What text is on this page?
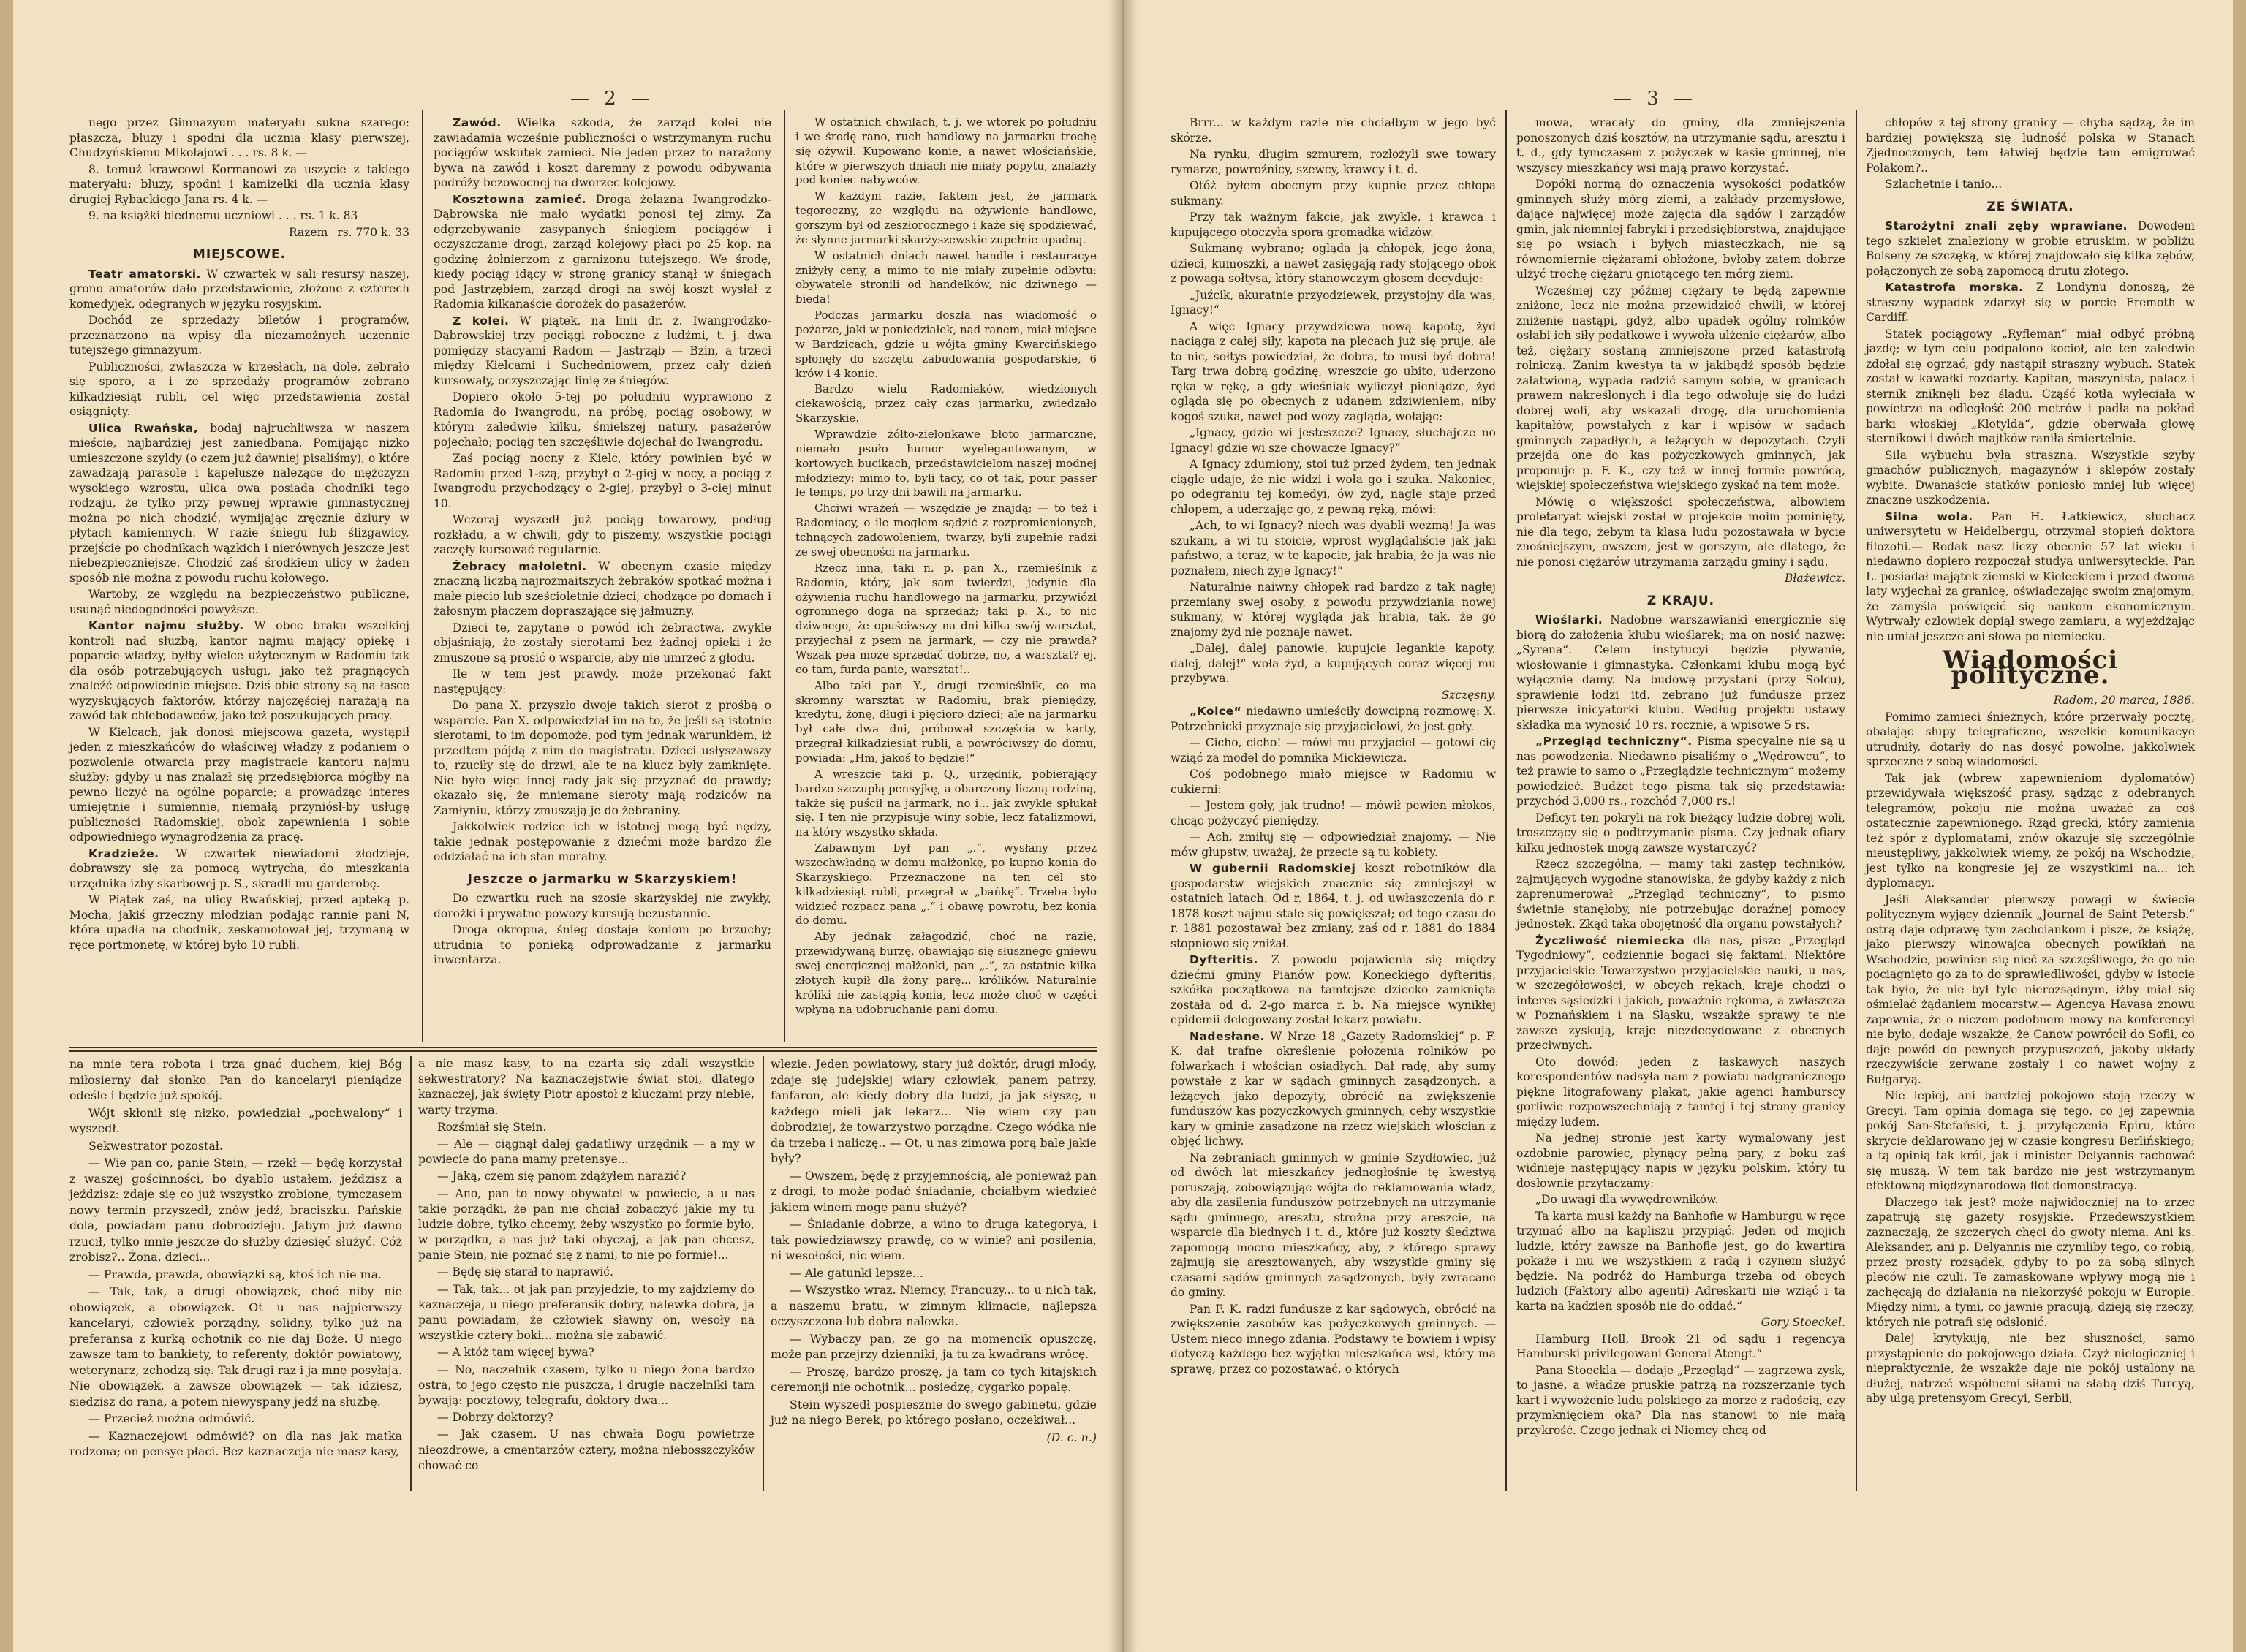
— 2 —

nego przez Gimnazyum materyału sukna szarego: płaszcza, bluzy i spodni dla ucznia klasy pierwszej, Chudzyńskiemu Mikołajowi . . . rs. 8 k. —

8. temuż krawcowi Kormanowi za uszycie z takiego materyału: bluzy, spodni i kamizelki dla ucznia klasy drugiej Rybackiego Jana rs. 4 k. —

9. na książki biednemu uczniowi . . . rs. 1 k. 83

Razem rs. 770 k. 33

MIEJSCOWE.

Teatr amatorski. W czwartek w sali resursy naszej, grono amatorów dało przedstawienie, złożone z czterech komedyjek, odegranych w języku rosyjskim.

Dochód ze sprzedaży biletów i programów, przeznaczono na wpisy dla niezamożnych uczennic tutejszego gimnazyum.

Publiczności, zwłaszcza w krzesłach, na dole, zebrało się sporo, a i ze sprzedaży programów zebrano kilkadziesiąt rubli, cel więc przedstawienia został osiągnięty.

Ulica Rwańska, bodaj najruchliwsza w naszem mieście, najbardziej jest zaniedbana. Pomijając nizko umieszczone szyldy (o czem już dawniej pisaliśmy), o które zawadzają parasole i kapelusze należące do mężczyzn wysokiego wzrostu, ulica owa posiada chodniki tego rodzaju, że tylko przy pewnej wprawie gimnastycznej można po nich chodzić, wymijając zręcznie dziury w płytach kamiennych. W razie śniegu lub ślizgawicy, przejście po chodnikach wązkich i nierównych jeszcze jest niebezpieczniejsze. Chodzić zaś środkiem ulicy w żaden sposób nie można z powodu ruchu kołowego.

Wartoby, ze względu na bezpieczeństwo publiczne, usunąć niedogodności powyższe.

Kantor najmu służby. W obec braku wszelkiej kontroli nad służbą, kantor najmu mający opiekę i poparcie władzy, byłby wielce użytecznym w Radomiu tak dla osób potrzebujących usługi, jako też pragnących znaleźć odpowiednie miejsce. Dziś obie strony są na łasce wyzyskujących faktorów, którzy najczęściej narażają na zawód tak chlebodawców, jako też poszukujących pracy.

W Kielcach, jak donosi miejscowa gazeta, wystąpił jeden z mieszkańców do właściwej władzy z podaniem o pozwolenie otwarcia przy magistracie kantoru najmu służby; gdyby u nas znalazł się przedsiębiorca mógłby na pewno liczyć na ogólne poparcie; a prowadząc interes umiejętnie i sumiennie, niemałą przyniósł-by usługę publiczności Radomskiej, obok zapewnienia i sobie odpowiedniego wynagrodzenia za pracę.

Kradzieże. W czwartek niewiadomi złodzieje, dobrawszy się za pomocą wytrycha, do mieszkania urzędnika izby skarbowej p. S., skradli mu garderobę.

W Piątek zaś, na ulicy Rwańskiej, przed apteką p. Mocha, jakiś grzeczny młodzian podając rannie pani N, która upadła na chodnik, zeskamotował jej, trzymaną w ręce portmonetę, w której było 10 rubli.

Zawód. Wielka szkoda, że zarząd kolei nie zawiadamia wcześnie publiczności o wstrzymanym ruchu pociągów wskutek zamieci. Nie jeden przez to narażony bywa na zawód i koszt daremny z powodu odbywania podróży bezowocnej na dworzec kolejowy.

Kosztowna zamieć. Droga żelazna Iwangrodzko-Dąbrowska nie mało wydatki ponosi tej zimy. Za odgrzebywanie zasypanych śniegiem pociągów i oczyszczanie drogi, zarząd kolejowy płaci po 25 kop. na godzinę żołnierzom z garnizonu tutejszego. We środę, kiedy pociąg idący w stronę granicy stanął w śniegach pod Jastrzębiem, zarząd drogi na swój koszt wysłał z Radomia kilkanaście dorożek do pasażerów.

Z kolei. W piątek, na linii dr. ż. Iwangrodzko-Dąbrowskiej trzy pociągi roboczne z ludźmi, t. j. dwa pomiędzy stacyami Radom — Jastrząb — Bzin, a trzeci między Kielcami i Suchedniowem, przez cały dzień kursowały, oczyszczając linię ze śniegów.

Dopiero około 5-tej po południu wyprawiono z Radomia do Iwangrodu, na próbę, pociąg osobowy, w którym zaledwie kilku, śmielszej natury, pasażerów pojechało; pociąg ten szczęśliwie dojechał do Iwangrodu.

Zaś pociąg nocny z Kielc, który powinien być w Radomiu przed 1-szą, przybył o 2-giej w nocy, a pociąg z Iwangrodu przychodzący o 2-giej, przybył o 3-ciej minut 10.

Wczoraj wyszedł już pociąg towarowy, podług rozkładu, a w chwili, gdy to piszemy, wszystkie pociągi zaczęły kursować regularnie.

Żebracy małoletni. W obecnym czasie między znaczną liczbą najrozmaitszych żebraków spotkać można i małe pięcio lub sześcioletnie dzieci, chodzące po domach i żałosnym płaczem dopraszające się jałmużny.

Dzieci te, zapytane o powód ich żebractwa, zwykle objaśniają, że zostały sierotami bez żadnej opieki i że zmuszone są prosić o wsparcie, aby nie umrzeć z głodu.

Ile w tem jest prawdy, może przekonać fakt następujący:

Do pana X. przyszło dwoje takich sierot z prośbą o wsparcie. Pan X. odpowiedział im na to, że jeśli są istotnie sierotami, to im dopomoże, pod tym jednak warunkiem, iż przedtem pójdą z nim do magistratu. Dzieci usłyszawszy to, rzuciły się do drzwi, ale te na klucz były zamknięte. Nie było więc innej rady jak się przyznać do prawdy; okazało się, że mniemane sieroty mają rodziców na Zamłyniu, którzy zmuszają je do żebraniny.

Jakkolwiek rodzice ich w istotnej mogą być nędzy, takie jednak postępowanie z dziećmi może bardzo źle oddziałać na ich stan moralny.

Jeszcze o jarmarku w Skarzyskiem!

Do czwartku ruch na szosie skarżyskiej nie zwykły, dorożki i prywatne powozy kursują bezustannie.

Droga okropna, śnieg dostaje koniom po brzuchy; utrudnia to ponieką odprowadzanie z jarmarku inwentarza.

W ostatnich chwilach, t. j. we wtorek po południu i we środę rano, ruch handlowy na jarmarku trochę się ożywił. Kupowano konie, a nawet włościańskie, które w pierwszych dniach nie miały popytu, znalazły pod koniec nabywców.

W każdym razie, faktem jest, że jarmark tegoroczny, ze względu na ożywienie handlowe, gorszym był od zeszłorocznego i każe się spodziewać, że słynne jarmarki skarżyszewskie zupełnie upadną.

W ostatnich dniach nawet handle i restauracye zniżyły ceny, a mimo to nie miały zupełnie odbytu: obywatele stronili od handelków, nic dziwnego — bieda!

Podczas jarmarku doszła nas wiadomość o pożarze, jaki w poniedziałek, nad ranem, miał miejsce w Bardzicach, gdzie u wójta gminy Kwarcińskiego spłonęły do szczętu zabudowania gospodarskie, 6 krów i 4 konie.

Bardzo wielu Radomiaków, wiedzionych ciekawością, przez cały czas jarmarku, zwiedzało Skarzyskie.

Wprawdzie żółto-zielonkawe błoto jarmarczne, niemało psuło humor wyelegantowanym, w kortowych bucikach, przedstawicielom naszej modnej młodzieży: mimo to, byli tacy, co ot tak, pour passer le temps, po trzy dni bawili na jarmarku.

Chciwi wrażeń — wszędzie je znajdą; — to też i Radomiacy, o ile mogłem sądzić z rozpromienionych, tchnących zadowoleniem, twarzy, byli zupełnie radzi ze swej obecności na jarmarku.

Rzecz inna, taki n. p. pan X., rzemieślnik z Radomia, który, jak sam twierdzi, jedynie dla ożywienia ruchu handlowego na jarmarku, przywiózł ogromnego doga na sprzedaż; taki p. X., to nic dziwnego, że opuściwszy na dni kilka swój warsztat, przyjechał z psem na jarmark, — czy nie prawda? Wszak pea może sprzedać dobrze, no, a warsztat? ej, co tam, furda panie, warsztat!..

Albo taki pan Y., drugi rzemieślnik, co ma skromny warsztat w Radomiu, brak pieniędzy, kredytu, żonę, długi i pięcioro dzieci; ale na jarmarku był całe dwa dni, próbował szczęścia w karty, przegrał kilkadziesiąt rubli, a powróciwszy do domu, powiada: „Hm, jakoś to będzie!“

A wreszcie taki p. Q., urzędnik, pobierający bardzo szczupłą pensyjkę, a obarczony liczną rodziną, także się puścił na jarmark, no i... jak zwykle spłukał się. I ten nie przypisuje winy sobie, lecz fatalizmowi, na który wszystko składa.

Zabawnym był pan „.“, wysłany przez wszechwładną w domu małżonkę, po kupno konia do Skarzyskiego. Przeznaczone na ten cel sto kilkadziesiąt rubli, przegrał w „bańkę“. Trzeba było widzieć rozpacz pana „.“ i obawę powrotu, bez konia do domu.

Aby jednak załagodzić, choć na razie, przewidywaną burzę, obawiając się słusznego gniewu swej energicznej małżonki, pan „.“, za ostatnie kilka złotych kupił dla żony parę... królików. Naturalnie króliki nie zastąpią konia, lecz może choć w części wpłyną na udobruchanie pani domu.

na mnie tera robota i trza gnać duchem, kiej Bóg miłosierny dał słonko. Pan do kancelaryi pieniądze odeśle i będzie już spokój.

Wójt skłonił się nizko, powiedział „pochwalony“ i wyszedł.

Sekwestrator pozostał.

— Wie pan co, panie Stein, — rzekł — będę korzystał z waszej gościnności, bo dyablo ustałem, jeździsz a jeździsz: zdaje się co już wszystko zrobione, tymczasem nowy termin przyszedł, znów jedź, braciszku. Pańskie dola, powiadam panu dobrodzieju. Jabym już dawno rzucił, tylko mnie jeszcze do służby dziesięć służyć. Cóż zrobisz?.. Żona, dzieci...

— Prawda, prawda, obowiązki są, ktoś ich nie ma.

— Tak, tak, a drugi obowiązek, choć niby nie obowiązek, a obowiązek. Ot u nas najpierwszy kancelaryi, człowiek porządny, solidny, tylko już na preferansa z kurką ochotnik co nie daj Boże. U niego zawsze tam to bankiety, to referenty, doktór powiatowy, weterynarz, zchodzą się. Tak drugi raz i ja mnę posyłają. Nie obowiązek, a zawsze obowiązek — tak idziesz, siedzisz do rana, a potem niewyspany jedź na służbę.

— Przecież można odmówić.

— Kaznaczejowi odmówić? on dla nas jak matka rodzona; on pensye płaci. Bez kaznaczeja nie masz kasy,

a nie masz kasy, to na czarta się zdali wszystkie sekwestratory? Na kaznaczejstwie świat stoi, dlatego kaznaczej, jak święty Piotr apostoł z kluczami przy niebie, warty trzyma.

Rozśmiał się Stein.

— Ale — ciągnął dalej gadatliwy urzędnik — a my w powiecie do pana mamy pretensye...

— Jaką, czem się panom zdążyłem narazić?

— Ano, pan to nowy obywatel w powiecie, a u nas takie porządki, że pan nie chciał zobaczyć jakie my tu ludzie dobre, tylko chcemy, żeby wszystko po formie było, w porządku, a nas już taki obyczaj, a jak pan chcesz, panie Stein, nie poznać się z nami, to nie po formie!...

— Będę się starał to naprawić.

— Tak, tak... ot jak pan przyjedzie, to my zajdziemy do kaznaczeja, u niego preferansik dobry, nalewka dobra, ja panu powiadam, że człowiek sławny on, wesoły na wszystkie cztery boki... można się zabawić.

— A któż tam więcej bywa?

— No, naczelnik czasem, tylko u niego żona bardzo ostra, to jego często nie puszcza, i drugie naczelniki tam bywają: pocztowy, telegrafu, doktory dwa...

— Dobrzy doktorzy?

— Jak czasem. U nas chwała Bogu powietrze nieozdrowe, a cmentarzów cztery, można niebosszczyków chować co

wlezie. Jeden powiatowy, stary już doktór, drugi młody, zdaje się judejskiej wiary człowiek, panem patrzy, fanfaron, ale kiedy dobry dla ludzi, ja jak słyszę, u każdego mieli jak lekarz... Nie wiem czy pan dobrodziej, że towarzystwo porządne. Czego wódka nie da trzeba i naliczę.. — Ot, u nas zimowa porą bale jakie były?

— Owszem, będę z przyjemnością, ale ponieważ pan z drogi, to może podać śniadanie, chciałbym wiedzieć jakiem winem mogę panu służyć?

— Śniadanie dobrze, a wino to druga kategorya, i tak powiedziawszy prawdę, co w winie? ani posilenia, ni wesołości, nic wiem.

— Ale gatunki lepsze...

— Wszystko wraz. Niemcy, Francuzy... to u nich tak, a naszemu bratu, w zimnym klimacie, najlepsza oczyszczona lub dobra nalewka.

— Wybaczy pan, że go na momencik opuszczę, może pan przejrzy dzienniki, ja tu za kwadrans wrócę.

— Proszę, bardzo proszę, ja tam co tych kitajskich ceremonji nie ochotnik... posiedzę, cygarko popalę.

Stein wyszedł pospiesznie do swego gabinetu, gdzie już na niego Berek, po którego posłano, oczekiwał...

(D. c. n.)

— 3 —

Brrr... w każdym razie nie chciałbym w jego być skórze.

Na rynku, długim szmurem, rozłożyli swe towary rymarze, powroźnicy, szewcy, krawcy i t. d.

Otóż byłem obecnym przy kupnie przez chłopa sukmany.

Przy tak ważnym fakcie, jak zwykle, i krawca i kupującego otoczyła spora gromadka widzów.

Sukmanę wybrano; ogląda ją chłopek, jego żona, dzieci, kumoszki, a nawet zasięgają rady stojącego obok z powagą sołtysa, który stanowczym głosem decyduje:

„Juźcik, akuratnie przyodziewek, przystojny dla was, Ignacy!“

A więc Ignacy przywdziewa nową kapotę, żyd naciąga z całej siły, kapota na plecach już się pruje, ale to nic, sołtys powiedział, że dobra, to musi być dobra! Targ trwa dobrą godzinę, wreszcie go ubito, uderzono ręka w rękę, a gdy wieśniak wyliczył pieniądze, żyd ogląda się po obecnych z udanem zdziwieniem, niby kogoś szuka, nawet pod wozy zagląda, wołając:

„Ignacy, gdzie wi jesteszcze? Ignacy, słuchajcze no Ignacy! gdzie wi sze chowacze Ignacy?“

A Ignacy zdumiony, stoi tuż przed żydem, ten jednak ciągle udaje, że nie widzi i woła go i szuka. Nakoniec, po odegraniu tej komedyi, ów żyd, nagle staje przed chłopem, a uderzając go, z pewną ręką, mówi:

„Ach, to wi Ignacy? niech was dyabli wezmą! Ja was szukam, a wi tu stoicie, wprost wyglądaliście jak jaki państwo, a teraz, w te kapocie, jak hrabia, że ja was nie poznałem, niech żyje Ignacy!“

Naturalnie naiwny chłopek rad bardzo z tak nagłej przemiany swej osoby, z powodu przywdziania nowej sukmany, w której wygląda jak hrabia, tak, że go znajomy żyd nie poznaje nawet.

„Dalej, dalej panowie, kupujcie legankie kapoty, dalej, dalej!“ woła żyd, a kupujących coraz więcej mu przybywa.

Szczęsny.

„Kolce“ niedawno umieściły dowcipną rozmowę: X. Potrzebnicki przyznaje się przyjacielowi, że jest goły.

— Cicho, cicho! — mówi mu przyjaciel — gotowi cię wziąć za model do pomnika Mickiewicza.

Coś podobnego miało miejsce w Radomiu w cukierni:

— Jestem goły, jak trudno! — mówił pewien młokos, chcąc pożyczyć pieniędzy.

— Ach, zmiłuj się — odpowiedział znajomy. — Nie mów głupstw, uważaj, że przecie są tu kobiety.

W gubernii Radomskiej koszt robotników dla gospodarstw wiejskich znacznie się zmniejszył w ostatnich latach. Od r. 1864, t. j. od uwłaszczenia do r. 1878 koszt najmu stale się powiększał; od tego czasu do r. 1881 pozostawał bez zmiany, zaś od r. 1881 do 1884 stopniowo się zniżał.

Dyfteritis. Z powodu pojawienia się między dziećmi gminy Pianów pow. Koneckiego dyfteritis, szkółka początkowa na tamtejsze dziecko zamknięta została od d. 2-go marca r. b. Na miejsce wynikłej epidemii delegowany został lekarz powiatu.

Nadesłane. W Nrze 18 „Gazety Radomskiej“ p. F. K. dał trafne określenie położenia rolników po folwarkach i włościan osiadłych. Dał radę, aby sumy powstałe z kar w sądach gminnych zasądzonych, a leżących jako depozyty, obrócić na zwiększenie funduszów kas pożyczkowych gminnych, ceby wszystkie kary w gminie zasądzone na rzecz wiejskich włościan z objęć lichwy.

Na zebraniach gminnych w gminie Szydłowiec, już od dwóch lat mieszkańcy jednogłośnie tę kwestyą poruszają, zobowiązując wójta do reklamowania władz, aby dla zasilenia funduszów potrzebnych na utrzymanie sądu gminnego, aresztu, strożna przy areszcie, na wsparcie dla biednych i t. d., które już koszty śledztwa zapomogą mocno mieszkańcy, aby, z którego sprawy zajmują się aresztowanych, aby wszystkie gminy się czasami sądów gminnych zasądzonych, były zwracane do gminy.

Pan F. K. radzi fundusze z kar sądowych, obrócić na zwiększenie zasobów kas pożyczkowych gminnych. — Ustem nieco innego zdania. Podstawy te bowiem i wpisy dotyczą każdego bez wyjątku mieszkańca wsi, który ma sprawę, przez co pozostawać, o których

mowa, wracały do gminy, dla zmniejszenia ponoszonych dziś kosztów, na utrzymanie sądu, aresztu i t. d., gdy tymczasem z pożyczek w kasie gminnej, nie wszyscy mieszkańcy wsi mają prawo korzystać.

Dopóki normą do oznaczenia wysokości podatków gminnych służy mórg ziemi, a zakłady przemysłowe, dające najwięcej może zajęcia dla sądów i zarządów gmin, jak niemniej fabryki i przedsiębiorstwa, znajdujące się po wsiach i byłych miasteczkach, nie są równomiernie ciężarami obłożone, byłoby zatem dobrze ulżyć trochę ciężaru gniotącego ten mórg ziemi.

Wcześniej czy później ciężary te będą zapewnie zniżone, lecz nie można przewidzieć chwili, w której zniżenie nastąpi, gdyż, albo upadek ogólny rolników osłabi ich siły podatkowe i wywoła ulżenie ciężarów, albo też, ciężary sostaną zmniejszone przed katastrofą rolniczą. Zanim kwestya ta w jakibądź sposób będzie załatwioną, wypada radzić samym sobie, w granicach prawem nakreślonych i dla tego odwołuję się do ludzi dobrej woli, aby wskazali drogę, dla uruchomienia kapitałów, powstałych z kar i wpisów w sądach gminnych zapadłych, a leżących w depozytach. Czyli przejdą one do kas pożyczkowych gminnych, jak proponuje p. F. K., czy też w innej formie powrócą, wiejskiej społeczeństwa wiejskiego zyskać na tem może.

Mówię o większości społeczeństwa, albowiem proletaryat wiejski został w projekcie moim pominięty, nie dla tego, żebym ta klasa ludu pozostawała w bycie znośniejszym, owszem, jest w gorszym, ale dlatego, że nie ponosi ciężarów utrzymania zarządu gminy i sądu.

Błażewicz.

Z KRAJU.

Wioślarki. Nadobne warszawianki energicznie się biorą do założenia klubu wioślarek; ma on nosić nazwę: „Syrena“. Celem instytucyi będzie pływanie, wiosłowanie i gimnastyka. Członkami klubu mogą być wyłącznie damy. Na budowę przystani (przy Solcu), sprawienie łodzi itd. zebrano już fundusze przez pierwsze inicyatorki klubu. Według projektu ustawy składka ma wynosić 10 rs. rocznie, a wpisowe 5 rs.

„Przegląd techniczny“. Pisma specyalne nie są u nas powodzenia. Niedawno pisaliśmy o „Wędrowcu“, to też prawie to samo o „Przeglądzie technicznym“ możemy powiedzieć. Budżet tego pisma tak się przedstawia: przychód 3,000 rs., rozchód 7,000 rs.!

Deficyt ten pokryli na rok bieżący ludzie dobrej woli, troszczący się o podtrzymanie pisma. Czy jednak ofiary kilku jednostek mogą zawsze wystarczyć?

Rzecz szczególna, — mamy taki zastęp techników, zajmujących wygodne stanowiska, że gdyby każdy z nich zaprenumerował „Przegląd techniczny“, to pismo świetnie stanęłoby, nie potrzebując doraźnej pomocy jednostek. Zkąd taka obojętność dla organu powstałych?

Życzliwość niemiecka dla nas, pisze „Przegląd Tygodniowy“, codziennie bogaci się faktami. Niektóre przyjacielskie Towarzystwo przyjacielskie nauki, u nas, w szczegółowości, w obcych rękach, kraje chodzi o interes sąsiedzki i jakich, poważnie rękoma, a zwłaszcza w Poznańskiem i na Śląsku, wszakże sprawy te nie zawsze zyskują, kraje niezdecydowane z obecnych przeciwnych.

Oto dowód: jeden z łaskawych naszych korespondentów nadsyła nam z powiatu nadgranicznego piękne litografowany plakat, jakie agenci hamburscy gorliwie rozpowszechniają z tamtej i tej strony granicy między ludem.

Na jednej stronie jest karty wymalowany jest ozdobnie parowiec, płynący pełną pary, z boku zaś widnieje następujący napis w języku polskim, który tu dosłownie przytaczamy:

„Do uwagi dla wywędrowników.

Ta karta musi każdy na Banhofie w Hamburgu w ręce trzymać albo na kapliszu przypiąć. Jeden od mojich ludzie, który zawsze na Banhofie jest, go do kwartira pokaże i mu we wszystkiem z radą i czynem służyć będzie. Na podróż do Hamburga trzeba od obcych ludzich (Faktory albo agenti) Adreskarti nie wziąć i ta karta na kadzien sposób nie do oddać.“

Gory Stoeckel.

Hamburg Holl, Brook 21 od sądu i regencya Hamburski privilegowani General Atengt.“

Pana Stoeckla — dodaje „Przegląd“ — zagrzewa zysk, to jasne, a władze pruskie patrzą na rozszerzanie tych kart i wywożenie ludu polskiego za morze z radością, czy przymknięciem oka? Dla nas stanowi to nie małą przykrość. Czego jednak ci Niemcy chcą od

chłopów z tej strony granicy — chyba sądzą, że im bardziej powiększą się ludność polska w Stanach Zjednoczonych, tem łatwiej będzie tam emigrować Polakom?..

Szlachetnie i tanio...

ZE ŚWIATA.

Starożytni znali zęby wprawiane. Dowodem tego szkielet znaleziony w grobie etruskim, w pobliżu Bolseny ze szczęką, w której znajdowało się kilka zębów, połączonych ze sobą zapomocą drutu złotego.

Katastrofa morska. Z Londynu donoszą, że straszny wypadek zdarzył się w porcie Fremoth w Cardiff.

Statek pociągowy „Ryfleman“ miał odbyć próbną jazdę; w tym celu podpalono kocioł, ale ten zaledwie zdołał się ogrzać, gdy nastąpił straszny wybuch. Statek został w kawałki rozdarty. Kapitan, maszynista, palacz i sternik zniknęli bez śladu. Cząść kotła wyleciała w powietrze na odległość 200 metrów i padła na pokład barki włoskiej „Klotylda“, gdzie oberwała głowę sternikowi i dwóch majtków raniła śmiertelnie.

Siła wybuchu była straszną. Wszystkie szyby gmachów publicznych, magazynów i sklepów zostały wybite. Dwanaście statków poniosło mniej lub więcej znaczne uszkodzenia.

Silna wola. Pan H. Łatkiewicz, słuchacz uniwersytetu w Heidelbergu, otrzymał stopień doktora filozofii.— Rodak nasz liczy obecnie 57 lat wieku i niedawno dopiero rozpoczął studya uniwersyteckie. Pan Ł. posiadał majątek ziemski w Kieleckiem i przed dwoma laty wyjechał za granicę, oświadczając swoim znajomym, że zamyśla poświęcić się naukom ekonomicznym. Wytrwały człowiek dopiął swego zamiaru, a wyjeżdżając nie umiał jeszcze ani słowa po niemiecku.

Wiadomości polityczne.

Radom, 20 marca, 1886.

Pomimo zamieci śnieżnych, które przerwały pocztę, obalając słupy telegraficzne, wszelkie komunikacye utrudniły, dotarły do nas dosyć powolne, jakkolwiek sprzeczne z sobą wiadomości.

Tak jak (wbrew zapewnieniom dyplomatów) przewidywała większość prasy, sądząc z odebranych telegramów, pokoju nie można uważać za coś ostatecznie zapewnionego. Rząd grecki, który zamienia też spór z dyplomatami, znów okazuje się szczególnie nieustępliwy, jakkolwiek wiemy, że pokój na Wschodzie, jest tylko na kongresie jej ze wszystkimi na... ich dyplomacyi.

Jeśli Aleksander pierwszy powagi w świecie politycznym wyjący dziennik „Journal de Saint Petersb.“ ostrą daje odprawę tym zachciankom i pisze, że książę, jako pierwszy winowajca obecnych powikłań na Wschodzie, powinien się nieć za szczęśliwego, że go nie pociągnięto go za to do sprawiedliwości, gdyby w istocie tak było, że nie był tyle nierozsądnym, iżby miał się ośmielać żądaniem mocarstw.— Agencya Havasa znowu zapewnia, że o niczem podobnem mowy na konferencyi nie było, dodaje wszakże, że Canow powrócił do Sofii, co daje powód do pewnych przypuszczeń, jakoby układy rzeczywiście zerwane zostały i co nawet wojny z Bułgaryą.

Nie lepiej, ani bardziej pokojowo stoją rzeczy w Grecyi. Tam opinia domaga się tego, co jej zapewnia pokój San-Stefański, t. j. przyłączenia Epiru, które skrycie deklarowano jej w czasie kongresu Berlińskiego; a tą opinią tak król, jak i minister Delyannis rachować się muszą. W tem tak bardzo nie jest wstrzymanym efektowną międzynarodową flot demonstracyą.

Dlaczego tak jest? może najwidoczniej na to zrzec zapatrują się gazety rosyjskie. Przedewszystkiem zaznaczają, że szczerych chęci do gwoty niema. Ani ks. Aleksander, ani p. Delyannis nie czyniliby tego, co robią, przez prosty rozsądek, gdyby to po za sobą silnych pleców nie czuli. Te zamaskowane wpływy mogą nie i zachęcają do działania na niekorzyść pokoju w Europie. Między nimi, a tymi, co jawnie pracują, dzieją się rzeczy, których nie potrafi się odsłonić.

Dalej krytykują, nie bez słuszności, samo przystąpienie do pokojowego działa. Czyż nielogiczniej i niepraktycznie, że wszakże daje nie pokój ustalony na dłużej, natrzeć wspólnemi siłami na słabą dziś Turcyą, aby ulgą pretensyom Grecyi, Serbii,
